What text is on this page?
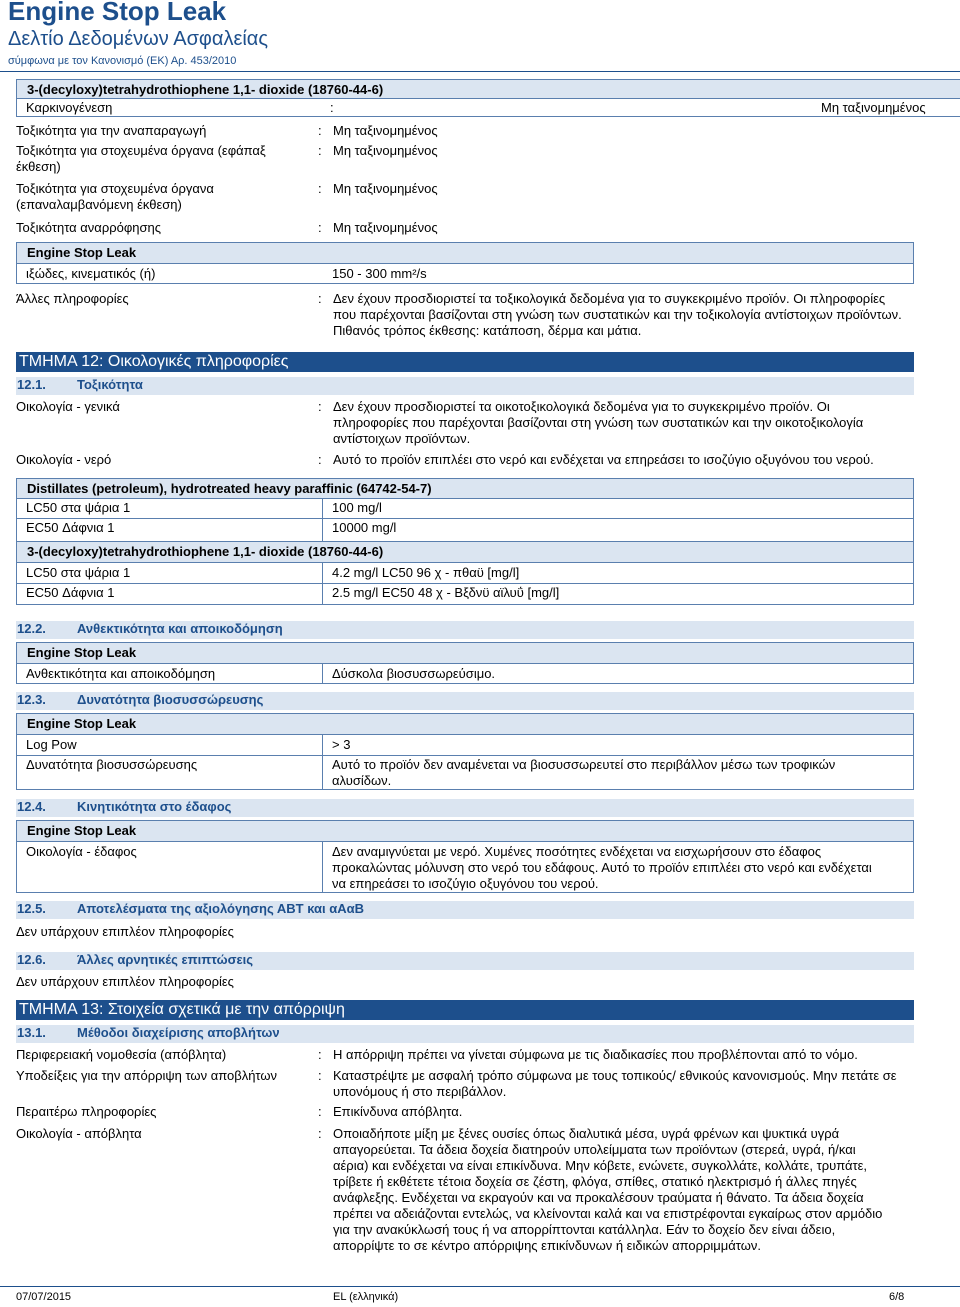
Engine Stop Leak
Δελτίο Δεδομένων Ασφαλείας
σύμφωνα με τον Κανονισμό (ΕΚ) Αρ. 453/2010
3-(decyloxy)tetrahydrothiophene 1,1- dioxide (18760-44-6)
Καρκινογένεση	:	Μη ταξινομημένος
Τοξικότητα για την αναπαραγωγή	: Μη ταξινομημένος
Τοξικότητα για στοχευμένα όργανα (εφάπαξ έκθεση)
: Μη ταξινομημένος
Τοξικότητα για στοχευμένα όργανα (επαναλαμβανόμενη έκθεση)
: Μη ταξινομημένος
Τοξικότητα αναρρόφησης	: Μη ταξινομημένος
Engine Stop Leak
ιξώδες, κινεματικός (ή)	150 - 300 mm²/s
Άλλες πληροφορίες	: Δεν έχουν προσδιοριστεί τα τοξικολογικά δεδομένα για το συγκεκριμένο προϊόν. Οι πληροφορίες που παρέχονται βασίζονται στη γνώση των συστατικών και την τοξικολογία αντίστοιχων προϊόντων. Πιθανός τρόπος έκθεσης: κατάποση, δέρμα και μάτια.
ΤΜΗΜΑ 12: Οικολογικές πληροφορίες
12.1. Τοξικότητα
Οικολογία - γενικά	: Δεν έχουν προσδιοριστεί τα οικοτοξικολογικά δεδομένα για το συγκεκριμένο προϊόν. Οι πληροφορίες που παρέχονται βασίζονται στη γνώση των συστατικών και την οικοτοξικολογία αντίστοιχων προϊόντων.
Οικολογία - νερό	: Αυτό το προϊόν επιπλέει στο νερό και ενδέχεται να επηρεάσει το ισοζύγιο οξυγόνου του νερού.
Distillates (petroleum), hydrotreated heavy paraffinic (64742-54-7)
LC50 στα ψάρια 1	100 mg/l
EC50 Δάφνια 1	10000 mg/l
3-(decyloxy)tetrahydrothiophene 1,1- dioxide (18760-44-6)
LC50 στα ψάρια 1	4.2 mg/l LC50 96 χ - πθαϋ [mg/l]
EC50 Δάφνια 1	2.5 mg/l EC50 48 χ - Βξδνϋ αϊλυΰ [mg/l]
12.2. Ανθεκτικότητα και αποικοδόμηση
Engine Stop Leak
Ανθεκτικότητα και αποικοδόμηση	Δύσκολα βιοσυσσωρεύσιμο.
12.3. Δυνατότητα βιοσυσσώρευσης
Engine Stop Leak
Log Pow	> 3
Δυνατότητα βιοσυσσώρευσης	Αυτό το προϊόν δεν αναμένεται να βιοσυσσωρευτεί στο περιβάλλον μέσω των τροφικών αλυσίδων.
12.4. Κινητικότητα στο έδαφος
Engine Stop Leak
Οικολογία - έδαφος	Δεν αναμιγνύεται με νερό. Χυμένες ποσότητες ενδέχεται να εισχωρήσουν στο έδαφος προκαλώντας μόλυνση στο νερό του εδάφους. Αυτό το προϊόν επιπλέει στο νερό και ενδέχεται να επηρεάσει το ισοζύγιο οξυγόνου του νερού.
12.5. Αποτελέσματα της αξιολόγησης ΑΒΤ και αΑαΒ
Δεν υπάρχουν επιπλέον πληροφορίες
12.6. Άλλες αρνητικές επιπτώσεις
Δεν υπάρχουν επιπλέον πληροφορίες
ΤΜΗΜΑ 13: Στοιχεία σχετικά με την απόρριψη
13.1. Μέθοδοι διαχείρισης αποβλήτων
Περιφερειακή νομοθεσία (απόβλητα)	: Η απόρριψη πρέπει να γίνεται σύμφωνα με τις διαδικασίες που προβλέπονται από το νόμο.
Υποδείξεις για την απόρριψη των αποβλήτων	: Καταστρέψτε με ασφαλή τρόπο σύμφωνα με τους τοπικούς/ εθνικούς κανονισμούς. Μην πετάτε σε υπονόμους ή στο περιβάλλον.
Περαιτέρω πληροφορίες	: Επικίνδυνα απόβλητα.
Οικολογία - απόβλητα	: Οποιαδήποτε μίξη με ξένες ουσίες όπως διαλυτικά μέσα, υγρά φρένων και ψυκτικά υγρά απαγορεύεται. Τα άδεια δοχεία διατηρούν υπολείμματα των προϊόντων (στερεά, υγρά, ή/και αέρια) και ενδέχεται να είναι επικίνδυνα. Μην κόβετε, ενώνετε, συγκολλάτε, κολλάτε, τρυπάτε, τρίβετε ή εκθέτετε τέτοια δοχεία σε ζέστη, φλόγα, σπίθες, στατικό ηλεκτρισμό ή άλλες πηγές ανάφλεξης. Ενδέχεται να εκραγούν και να προκαλέσουν τραύματα ή θάνατο. Τα άδεια δοχεία πρέπει να αδειάζονται εντελώς, να κλείνονται καλά και να επιστρέφονται εγκαίρως στον αρμόδιο για την ανακύκλωσή τους ή να απορρίπτονται κατάλληλα. Εάν το δοχείο δεν είναι άδειο, απορρίψτε το σε κέντρο απόρριψης επικίνδυνων ή ειδικών απορριμμάτων.
07/07/2015	EL (ελληνικά)	6/8
